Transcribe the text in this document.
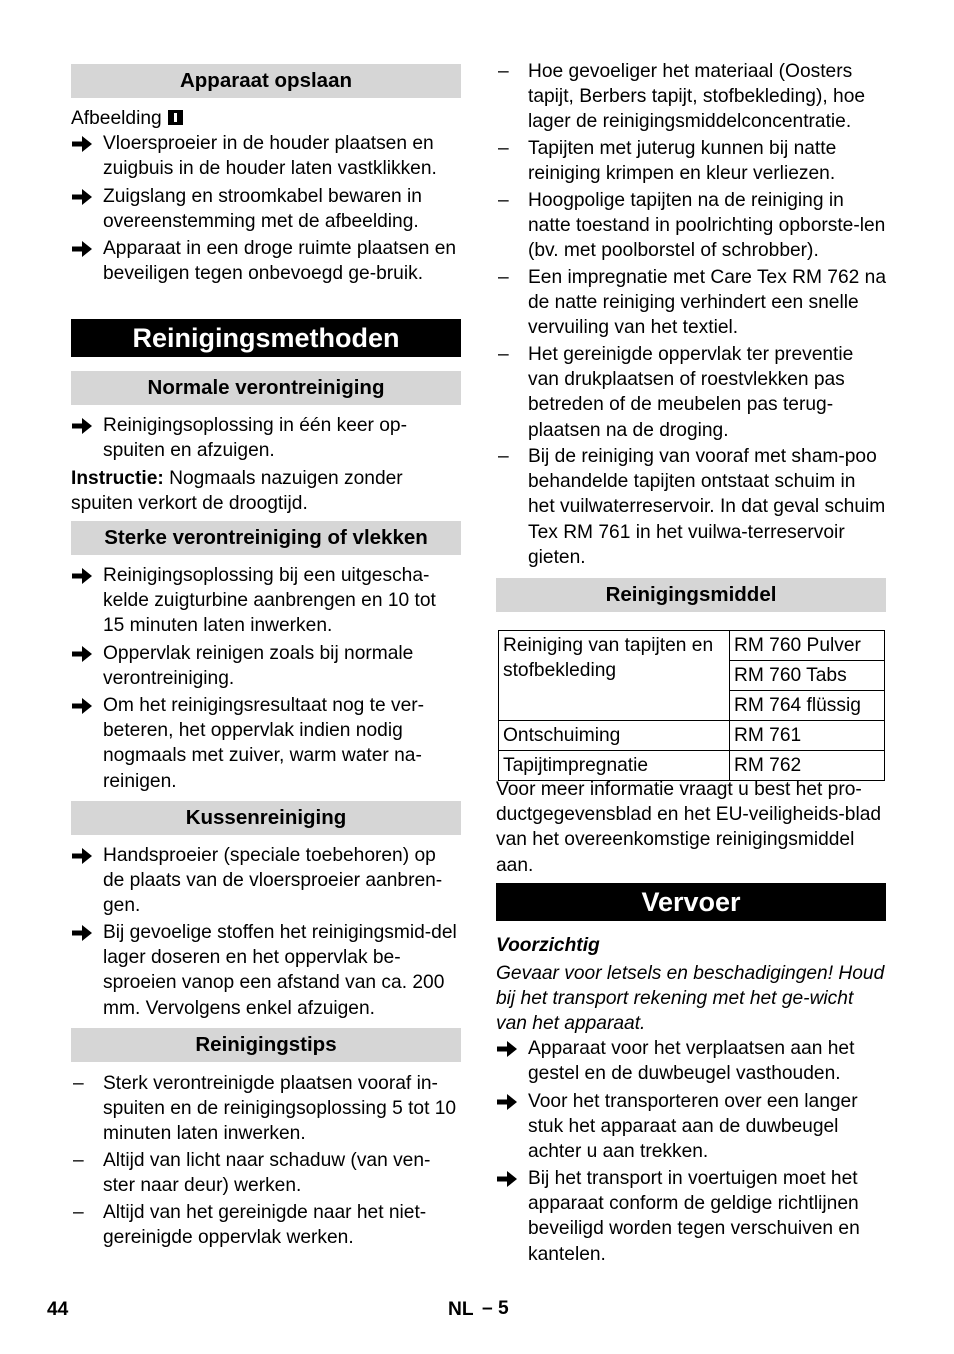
Apparaat opslaan
Afbeelding
Vloersproeier in de houder plaatsen en zuigbuis in de houder laten vastklikken.
Zuigslang en stroomkabel bewaren in overeenstemming met de afbeelding.
Apparaat in een droge ruimte plaatsen en beveiligen tegen onbevoegd ge-bruik.
Reinigingsmethoden
Normale verontreiniging
Reinigingsoplossing in één keer op-spuiten en afzuigen.
Instructie: Nogmaals nazuigen zonder spuiten verkort de droogtijd.
Sterke verontreiniging of vlekken
Reinigingsoplossing bij een uitgescha-kelde zuigturbine aanbrengen en 10 tot 15 minuten laten inwerken.
Oppervlak reinigen zoals bij normale verontreiniging.
Om het reinigingsresultaat nog te ver-beteren, het oppervlak indien nodig nogmaals met zuiver, warm water na-reinigen.
Kussenreiniging
Handsproeier (speciale toebehoren) op de plaats van de vloersproeier aanbren-gen.
Bij gevoelige stoffen het reinigingsmid-del lager doseren en het oppervlak be-sproeien vanop een afstand van ca. 200 mm. Vervolgens enkel afzuigen.
Reinigingstips
– Sterk verontreinigde plaatsen vooraf in-spuiten en de reinigingsoplossing 5 tot 10 minuten laten inwerken.
– Altijd van licht naar schaduw (van ven-ster naar deur) werken.
– Altijd van het gereinigde naar het niet-gereinigde oppervlak werken.
– Hoe gevoeliger het materiaal (Oosters tapijt, Berbers tapijt, stofbekleding), hoe lager de reinigingsmiddelconcentratie.
– Tapijten met juterug kunnen bij natte reiniging krimpen en kleur verliezen.
– Hoogpolige tapijten na de reiniging in natte toestand in poolrichting opborste-len (bv. met poolborstel of schrobber).
– Een impregnatie met Care Tex RM 762 na de natte reiniging verhindert een snelle vervuiling van het textiel.
– Het gereinigde oppervlak ter preventie van drukplaatsen of roestvlekken pas betreden of de meubelen pas terug-plaatsen na de droging.
– Bij de reiniging van vooraf met sham-poo behandelde tapijten ontstaat schuim in het vuilwaterreservoir. In dat geval schuim Tex RM 761 in het vuilwa-terreservoir gieten.
Reinigingsmiddel
Reiniging van tapijten en stofbekleding	RM 760 Pulver
	RM 760 Tabs
	RM 764 flüssig
Ontschuiming	RM 761
Tapijtimpregnatie	RM 762
Voor meer informatie vraagt u best het pro-ductgegevensblad en het EU-veiligheids-blad van het overeenkomstige reinigingsmiddel aan.
Vervoer
Voorzichtig
Gevaar voor letsels en beschadigingen! Houd bij het transport rekening met het ge-wicht van het apparaat.
Apparaat voor het verplaatsen aan het gestel en de duwbeugel vasthouden.
Voor het transporteren over een langer stuk het apparaat aan de duwbeugel achter u aan trekken.
Bij het transport in voertuigen moet het apparaat conform de geldige richtlijnen beveiligd worden tegen verschuiven en kantelen.
44	NL – 5
